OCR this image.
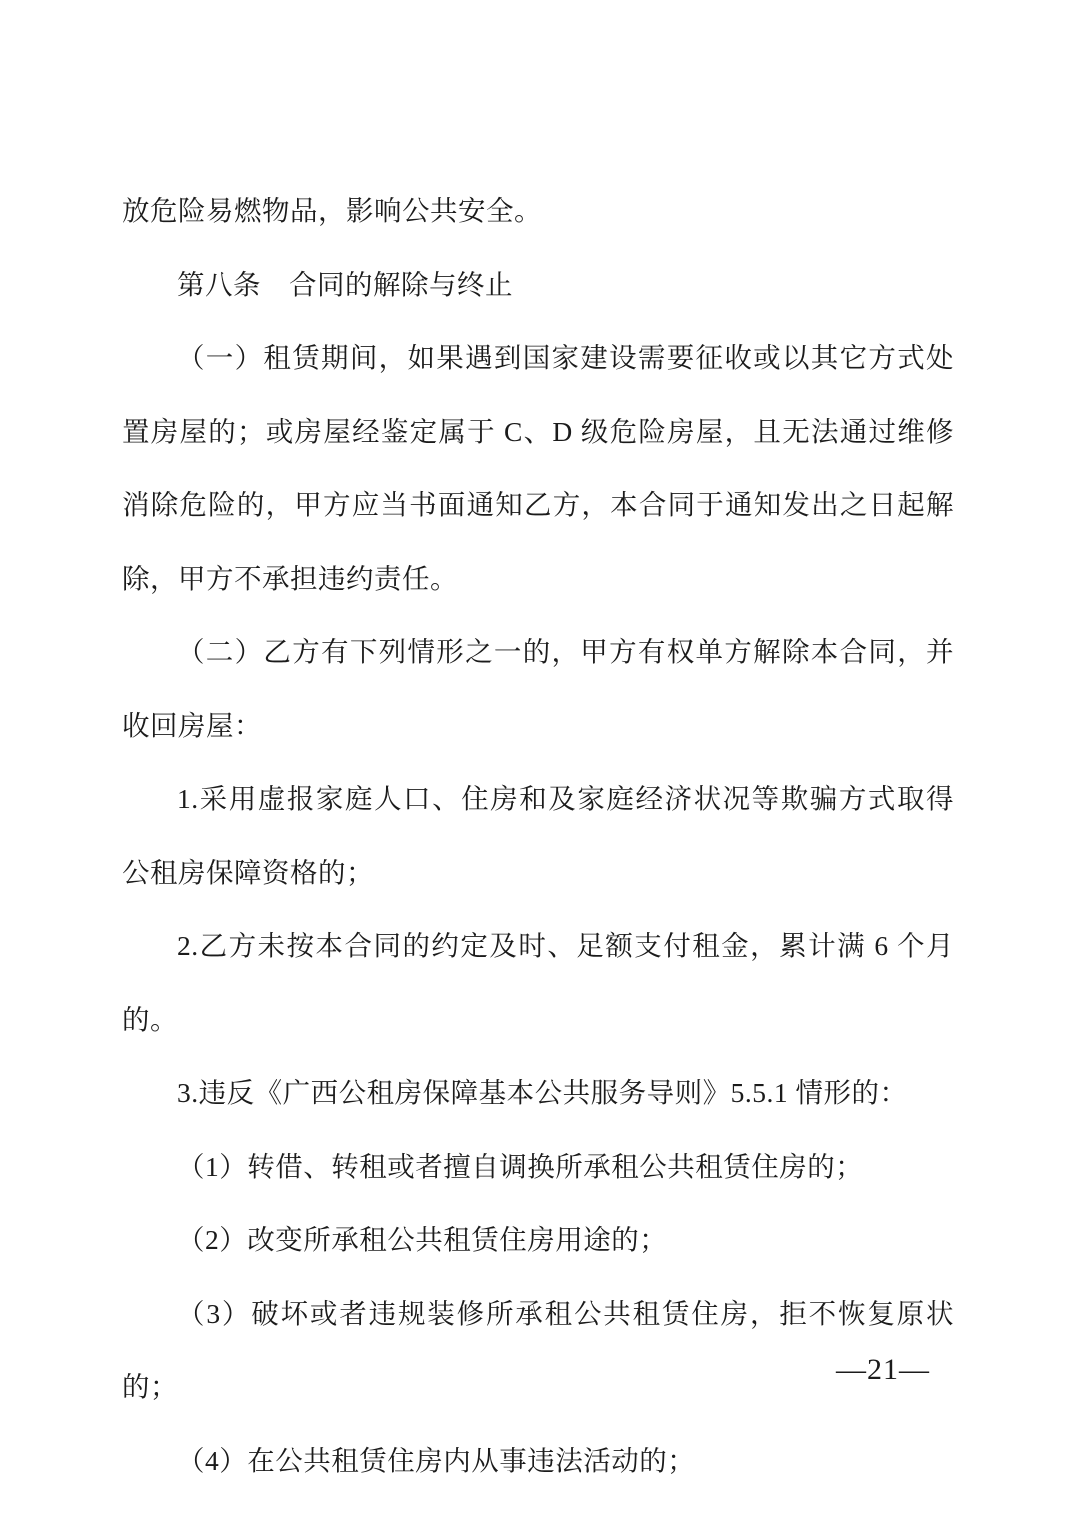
放危险易燃物品，影响公共安全。

第八条　合同的解除与终止

（一）租赁期间，如果遇到国家建设需要征收或以其它方式处置房屋的；或房屋经鉴定属于 C、D 级危险房屋，且无法通过维修消除危险的，甲方应当书面通知乙方，本合同于通知发出之日起解除，甲方不承担违约责任。

（二）乙方有下列情形之一的，甲方有权单方解除本合同，并收回房屋：

1.采用虚报家庭人口、住房和及家庭经济状况等欺骗方式取得公租房保障资格的；

2.乙方未按本合同的约定及时、足额支付租金，累计满 6 个月的。

3.违反《广西公租房保障基本公共服务导则》5.5.1 情形的：

（1）转借、转租或者擅自调换所承租公共租赁住房的；

（2）改变所承租公共租赁住房用途的；

（3）破坏或者违规装修所承租公共租赁住房，拒不恢复原状的；

（4）在公共租赁住房内从事违法活动的；

—21—
